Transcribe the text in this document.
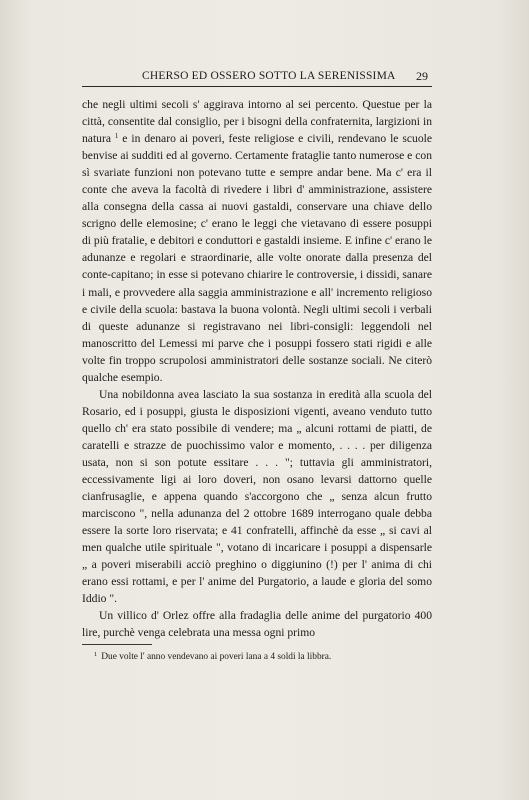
CHERSO ED OSSERO SOTTO LA SERENISSIMA 29

che negli ultimi secoli s' aggirava intorno al sei percento. Questue per la città, consentite dal consiglio, per i bisogni della confraternita, largizioni in natura $^1$ e in denaro ai poveri, feste religiose e civili, rendevano le scuole benvise ai sudditi ed al governo. Certamente frataglie tanto numerose e con sì svariate funzioni non potevano tutte e sempre andar bene. Ma c' era il conte che aveva la facoltà di rivedere i libri d' amministrazione, assistere alla consegna della cassa ai nuovi gastaldi, conservare una chiave dello scrigno delle elemosine; c' erano le leggi che vietavano di essere posuppi di più fratalie, e debitori e conduttori e gastaldi insieme. E infine c' erano le adunanze e regolari e straordinarie, alle volte onorate dalla presenza del conte-capitano; in esse si potevano chiarire le controversie, i dissidi, sanare i mali, e provvedere alla saggia amministrazione e all' incremento religioso e civile della scuola: bastava la buona volontà. Negli ultimi secoli i verbali di queste adunanze si registravano nei libri-consigli: leggendoli nel manoscritto del Lemessi mi parve che i posuppi fossero stati rigidi e alle volte fin troppo scrupolosi amministratori delle sostanze sociali. Ne citerò qualche esempio.

Una nobildonna avea lasciato la sua sostanza in eredità alla scuola del Rosario, ed i posuppi, giusta le disposizioni vigenti, aveano venduto tutto quello ch' era stato possibile di vendere; ma „ alcuni rottami de piatti, de caratelli e strazze de puochissimo valor e momento, . . . . per diligenza usata, non si son potute essitare . . . "; tuttavia gli amministratori, eccessivamente ligi ai loro doveri, non osano levarsi dattorno quelle cianfrusaglie, e appena quando s'accorgono che „ senza alcun frutto marciscono ", nella adunanza del 2 ottobre 1689 interrogano quale debba essere la sorte loro riservata; e 41 confratelli, affinchè da esse „ si cavi al men qualche utile spirituale ", votano di incaricare i posuppi a dispensarle „ a poveri miserabili acciò preghino o diggiunino (!) per l' anima di chi erano essi rottami, e per l' anime del Purgatorio, a laude e gloria del somo Iddio ".

Un villico d' Orlez offre alla fradaglia delle anime del purgatorio 400 lire, purchè venga celebrata una messa ogni primo

$^1$ Due volte l' anno vendevano ai poveri lana a 4 soldi la libbra.
